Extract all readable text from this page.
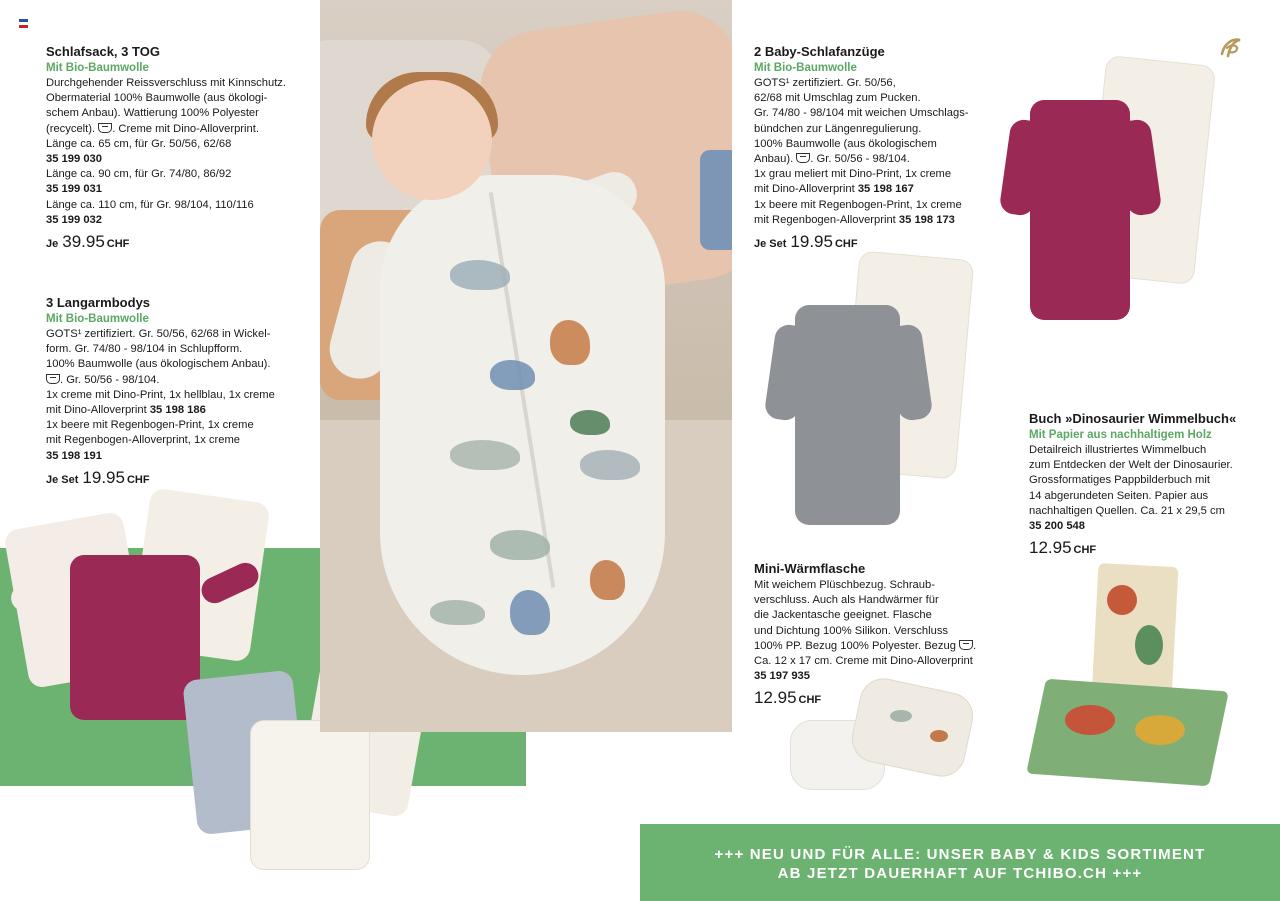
Schlafsack, 3 TOG
Mit Bio-Baumwolle
Durchgehender Reissverschluss mit Kinnschutz.
Obermaterial 100% Baumwolle (aus ökologi-
schem Anbau). Wattierung 100% Polyester
(recycelt). . Creme mit Dino-Alloverprint.
Länge ca. 65 cm, für Gr. 50/56, 62/68
35 199 030
Länge ca. 90 cm, für Gr. 74/80, 86/92
35 199 031
Länge ca. 110 cm, für Gr. 98/104, 110/116
35 199 032
Je 39.95 CHF
3 Langarmbodys
Mit Bio-Baumwolle
GOTS¹ zertifiziert. Gr. 50/56, 62/68 in Wickel-
form. Gr. 74/80 - 98/104 in Schlupfform.
100% Baumwolle (aus ökologischem Anbau).
. Gr. 50/56 - 98/104.
1x creme mit Dino-Print, 1x hellblau, 1x creme
mit Dino-Alloverprint 35 198 186
1x beere mit Regenbogen-Print, 1x creme
mit Regenbogen-Alloverprint, 1x creme
35 198 191
Je Set 19.95 CHF
2 Baby-Schlafanzüge
Mit Bio-Baumwolle
GOTS¹ zertifiziert. Gr. 50/56,
62/68 mit Umschlag zum Pucken.
Gr. 74/80 - 98/104 mit weichen Umschlags-
bündchen zur Längenregulierung.
100% Baumwolle (aus ökologischem
Anbau). . Gr. 50/56 - 98/104.
1x grau meliert mit Dino-Print, 1x creme
mit Dino-Alloverprint 35 198 167
1x beere mit Regenbogen-Print, 1x creme
mit Regenbogen-Alloverprint 35 198 173
Je Set 19.95 CHF
Buch »Dinosaurier Wimmelbuch«
Mit Papier aus nachhaltigem Holz
Detailreich illustriertes Wimmelbuch
zum Entdecken der Welt der Dinosaurier.
Grossformatiges Pappbilderbuch mit
14 abgerundeten Seiten. Papier aus
nachhaltigen Quellen. Ca. 21 x 29,5 cm
35 200 548
12.95 CHF
Mini-Wärmflasche
Mit weichem Plüschbezug. Schraub-
verschluss. Auch als Handwärmer für
die Jackentasche geeignet. Flasche
und Dichtung 100% Silikon. Verschluss
100% PP. Bezug 100% Polyester. Bezug .
Ca. 12 x 17 cm. Creme mit Dino-Alloverprint
35 197 935
12.95 CHF
+++ NEU UND FÜR ALLE: UNSER BABY & KIDS SORTIMENT
AB JETZT DAUERHAFT AUF TCHIBO.CH +++
